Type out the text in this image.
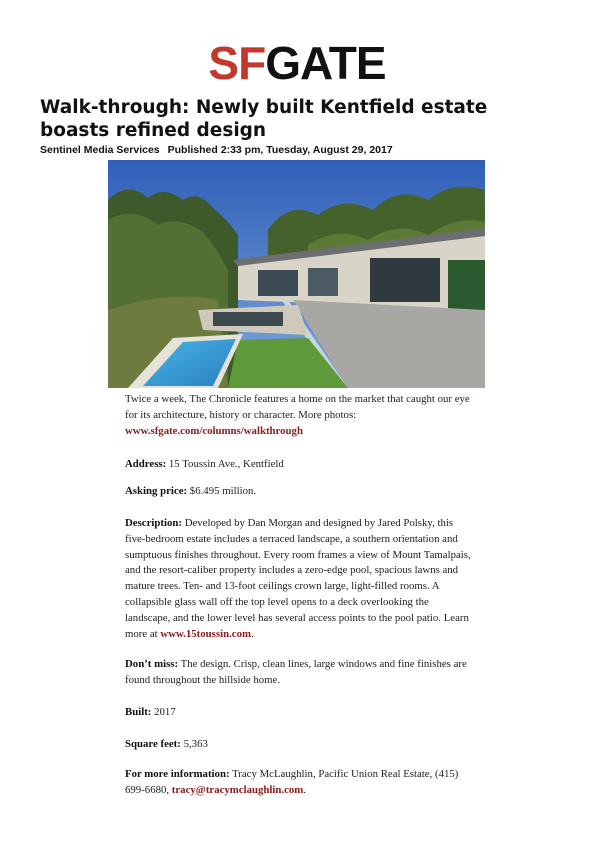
SFGATE
Walk-through: Newly built Kentfield estate boasts refined design
Sentinel Media Services Published 2:33 pm, Tuesday, August 29, 2017
Twice a week, The Chronicle features a home on the market that caught our eye for its architecture, history or character. More photos:
www.sfgate.com/columns/walkthrough
Address: 15 Toussin Ave., Kentfield
Asking price: $6.495 million.
Description: Developed by Dan Morgan and designed by Jared Polsky, this five-bedroom estate includes a terraced landscape, a southern orientation and sumptuous finishes throughout. Every room frames a view of Mount Tamalpais, and the resort-caliber property includes a zero-edge pool, spacious lawns and mature trees. Ten- and 13-foot ceilings crown large, light-filled rooms. A collapsible glass wall off the top level opens to a deck overlooking the landscape, and the lower level has several access points to the pool patio. Learn more at www.15toussin.com.
Don’t miss: The design. Crisp, clean lines, large windows and fine finishes are found throughout the hillside home.
Built: 2017
Square feet: 5,363
For more information: Tracy McLaughlin, Pacific Union Real Estate, (415) 699-6680, tracy@tracymclaughlin.com.
